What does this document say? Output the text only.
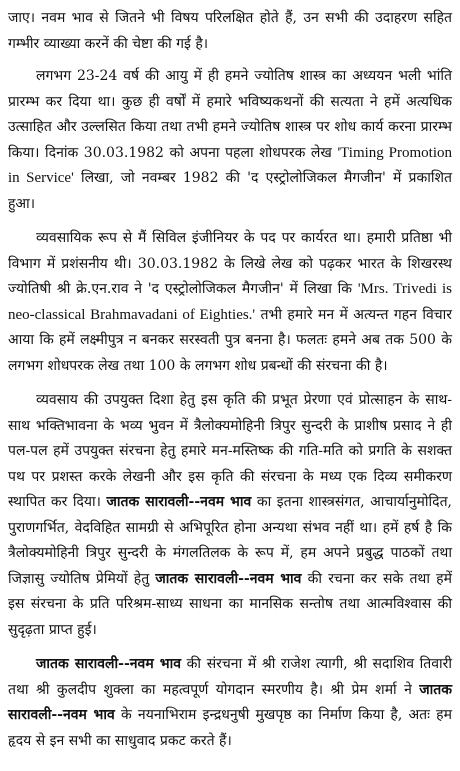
जाए। नवम भाव से जितने भी विषय परिलक्षित होते हैं, उन सभी की उदाहरण सहित गम्भीर व्याख्या करनें की चेष्टा की गई है।

लगभग 23-24 वर्ष की आयु में ही हमने ज्योतिष शास्त्र का अध्ययन भली भांति प्रारम्भ कर दिया था। कुछ ही वर्षों में हमारे भविष्यकथनों की सत्यता ने हमें अत्यधिक उत्साहित और उल्लसित किया तथा तभी हमने ज्योतिष शास्त्र पर शोध कार्य करना प्रारम्भ किया। दिनांक 30.03.1982 को अपना पहला शोधपरक लेख 'Timing Promotion in Service' लिखा, जो नवम्बर 1982 की 'द एस्ट्रोलोजिकल मैगजीन' में प्रकाशित हुआ।

व्यवसायिक रूप से मैं सिविल इंजीनियर के पद पर कार्यरत था। हमारी प्रतिष्ठा भी विभाग में प्रशंसनीय थी। 30.03.1982 के लिखे लेख को पढ़कर भारत के शिखरस्थ ज्योतिषी श्री क्रे.एन.राव ने 'द एस्ट्रोलोजिकल मैगजीन' में लिखा कि 'Mrs. Trivedi is neo-classical Brahmavadani of Eighties.' तभी हमारे मन में अत्यन्त गहन विचार आया कि हमें लक्ष्मीपुत्र न बनकर सरस्वती पुत्र बनना है। फलतः हमने अब तक 500 के लगभग शोधपरक लेख तथा 100 के लगभग शोध प्रबन्धों की संरचना की है।

व्यवसाय की उपयुक्त दिशा हेतु इस कृति की प्रभूत प्रेरणा एवं प्रोत्साहन के साथ-साथ भक्तिभावना के भव्य भुवन में त्रैलोक्यमोहिनी त्रिपुर सुन्दरी के प्राशीष प्रसाद ने ही पल-पल हमें उपयुक्त संरचना हेतु हमारे मन-मस्तिष्क की गति-मति को प्रगति के सशक्त पथ पर प्रशस्त करके लेखनी और इस कृति की संरचना के मध्य एक दिव्य समीकरण स्थापित कर दिया। जातक सारावली--नवम भाव का इतना शास्त्रसंगत, आचार्यानुमोदित, पुराणगर्भित, वेदविहित सामग्री से अभिपूरित होना अन्यथा संभव नहीं था। हमें हर्ष है कि त्रैलोक्यमोहिनी त्रिपुर सुन्दरी के मंगलतिलक के रूप में, हम अपने प्रबुद्ध पाठकों तथा जिज्ञासु ज्योतिष प्रेमियों हेतु जातक सारावली--नवम भाव की रचना कर सके तथा हमें इस संरचना के प्रति परिश्रम-साध्य साधना का मानसिक सन्तोष तथा आत्मविश्वास की सुदृढ़ता प्राप्त हुई।

जातक सारावली--नवम भाव की संरचना में श्री राजेश त्यागी, श्री सदाशिव तिवारी तथा श्री कुलदीप शुक्ला का महत्वपूर्ण योगदान स्मरणीय है। श्री प्रेम शर्मा ने जातक सारावली--नवम भाव के नयनाभिराम इन्द्रधनुषी मुखपृष्ठ का निर्माण किया है, अतः हम हृदय से इन सभी का साधुवाद प्रकट करते हैं।
